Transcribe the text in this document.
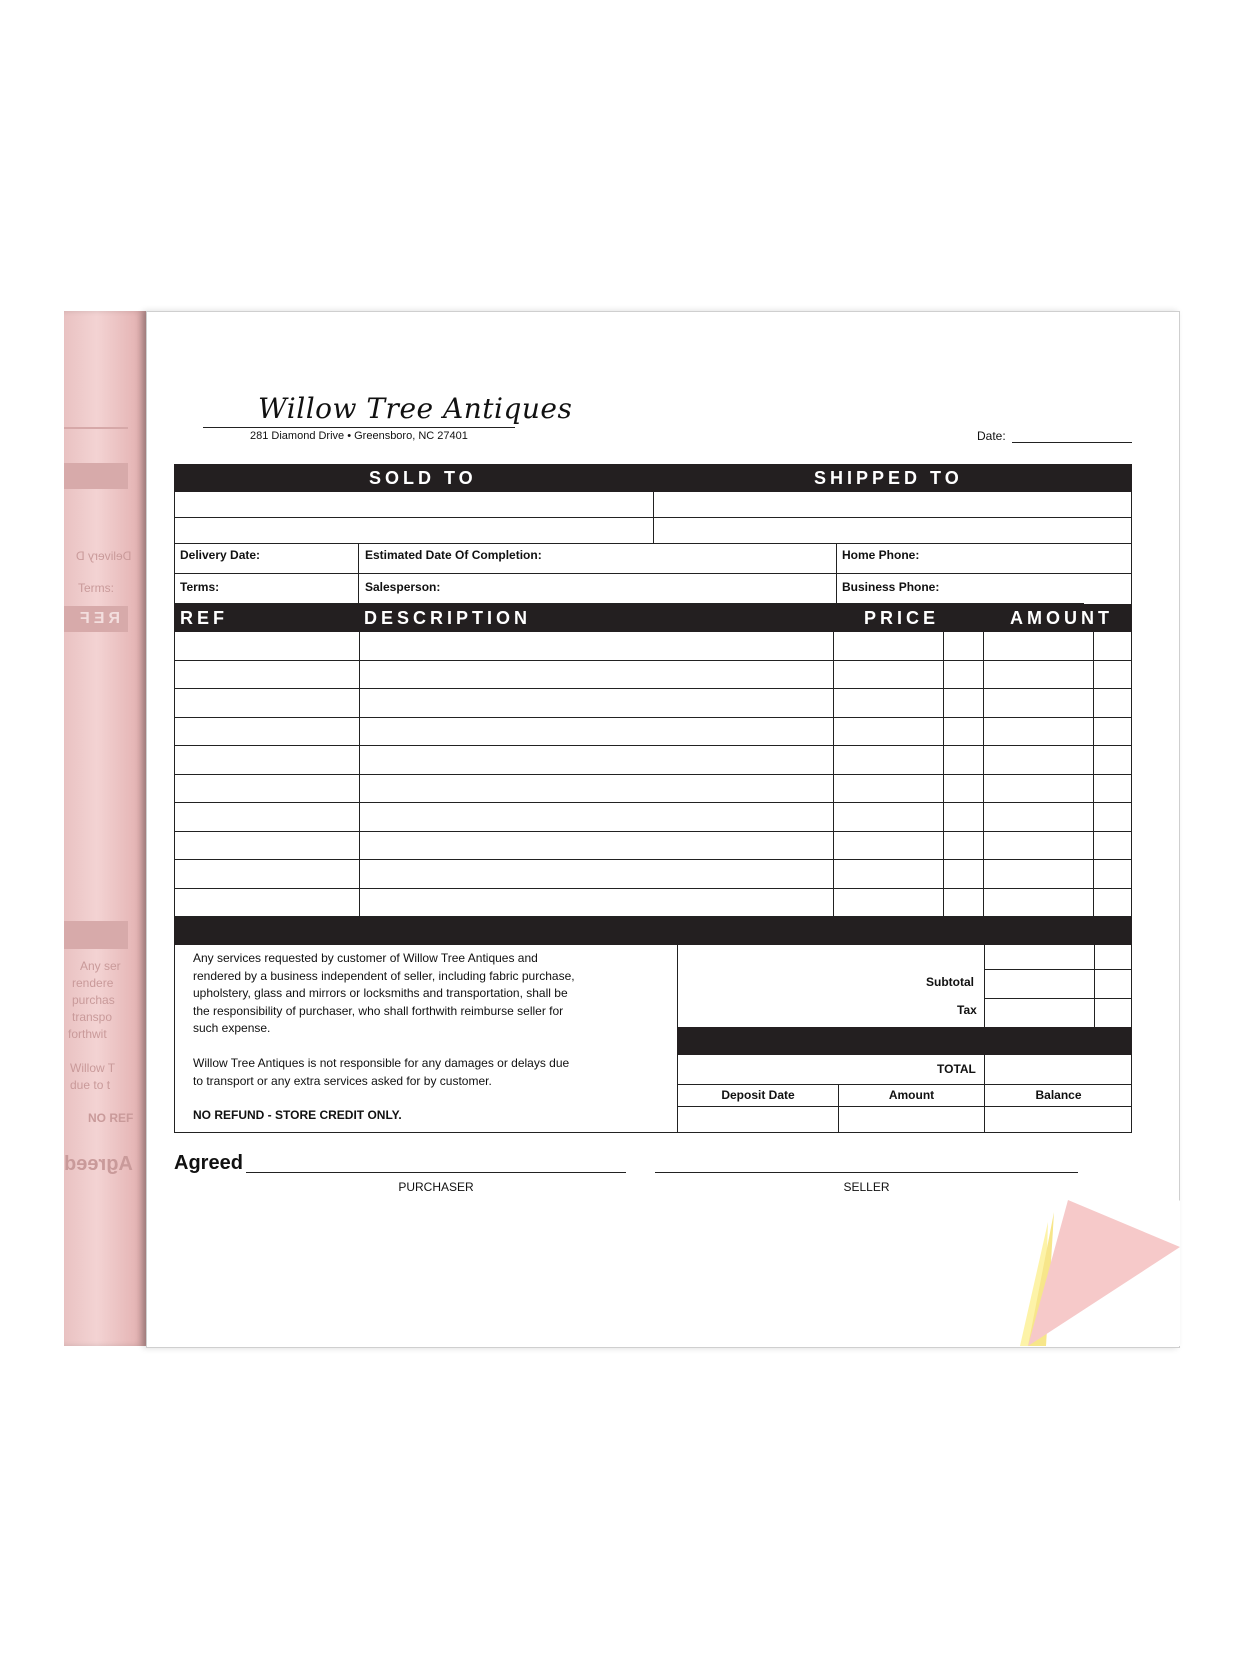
Delivery D
Terms:
REF
Any ser
rendere
purchas
transpo
forthwit
Willow T
due to t
NO REF
Agreed
Willow Tree Antiques
281 Diamond Drive • Greensboro, NC 27401	Date:
SOLD TO	SHIPPED TO
Delivery Date:	Estimated Date Of Completion:	Home Phone:
Terms:	Salesperson:	Business Phone:
REF	DESCRIPTION	PRICE	AMOUNT
Any services requested by customer of Willow Tree Antiques and rendered by a business independent of seller, including fabric purchase, upholstery, glass and mirrors or locksmiths and transportation, shall be the responsibility of purchaser, who shall forthwith reimburse seller for such expense.
Willow Tree Antiques is not responsible for any damages or delays due to transport or any extra services asked for by customer.
NO REFUND - STORE CREDIT ONLY.
Subtotal
Tax
TOTAL
Deposit Date	Amount	Balance
Agreed
PURCHASER	SELLER
